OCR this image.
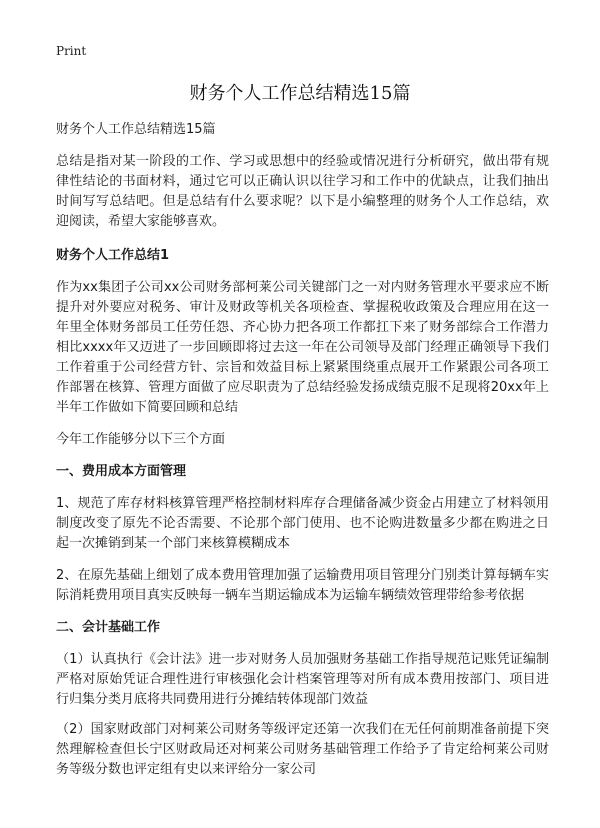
Print
财务个人工作总结精选15篇

财务个人工作总结精选15篇

总结是指对某一阶段的工作、学习或思想中的经验或情况进行分析研究，做出带有规律性结论的书面材料，通过它可以正确认识以往学习和工作中的优缺点，让我们抽出时间写写总结吧。但是总结有什么要求呢？以下是小编整理的财务个人工作总结，欢迎阅读，希望大家能够喜欢。

财务个人工作总结1

作为xx集团子公司xx公司财务部柯莱公司关键部门之一对内财务管理水平要求应不断提升对外要应对税务、审计及财政等机关各项检查、掌握税收政策及合理应用在这一年里全体财务部员工任劳任怨、齐心协力把各项工作都扛下来了财务部综合工作潜力相比xxxx年又迈进了一步回顾即将过去这一年在公司领导及部门经理正确领导下我们工作着重于公司经营方针、宗旨和效益目标上紧紧围绕重点展开工作紧跟公司各项工作部署在核算、管理方面做了应尽职责为了总结经验发扬成绩克服不足现将20xx年上半年工作做如下简要回顾和总结

今年工作能够分以下三个方面

一、费用成本方面管理

1、规范了库存材料核算管理严格控制材料库存合理储备减少资金占用建立了材料领用制度改变了原先不论否需要、不论那个部门使用、也不论购进数量多少都在购进之日起一次摊销到某一个部门来核算模糊成本

2、在原先基础上细划了成本费用管理加强了运输费用项目管理分门别类计算每辆车实际消耗费用项目真实反映每一辆车当期运输成本为运输车辆绩效管理带给参考依据

二、会计基础工作

（1）认真执行《会计法》进一步对财务人员加强财务基础工作指导规范记账凭证编制严格对原始凭证合理性进行审核强化会计档案管理等对所有成本费用按部门、项目进行归集分类月底将共同费用进行分摊结转体现部门效益

（2）国家财政部门对柯莱公司财务等级评定还第一次我们在无任何前期准备前提下突然理解检查但长宁区财政局还对柯莱公司财务基础管理工作给予了肯定给柯莱公司财务等级分数也评定组有史以来评给分一家公司
